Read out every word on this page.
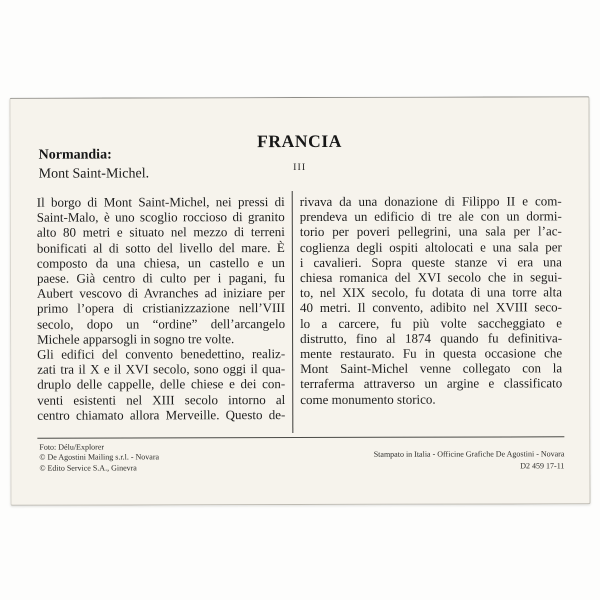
FRANCIA
III
Normandia:
Mont Saint-Michel.
Il borgo di Mont Saint-Michel, nei pressi di
Saint-Malo, è uno scoglio roccioso di granito
alto 80 metri e situato nel mezzo di terreni
bonificati al di sotto del livello del mare. È
composto da una chiesa, un castello e un
paese. Già centro di culto per i pagani, fu
Aubert vescovo di Avranches ad iniziare per
primo l’opera di cristianizzazione nell’VIII
secolo, dopo un “ordine” dell’arcangelo
Michele apparsogli in sogno tre volte.
Gli edifici del convento benedettino, realiz-
zati tra il X e il XVI secolo, sono oggi il qua-
druplo delle cappelle, delle chiese e dei con-
venti esistenti nel XIII secolo intorno al
centro chiamato allora Merveille. Questo de-
rivava da una donazione di Filippo II e com-
prendeva un edificio di tre ale con un dormi-
torio per poveri pellegrini, una sala per l’ac-
coglienza degli ospiti altolocati e una sala per
i cavalieri. Sopra queste stanze vi era una
chiesa romanica del XVI secolo che in segui-
to, nel XIX secolo, fu dotata di una torre alta
40 metri. Il convento, adibito nel XVIII seco-
lo a carcere, fu più volte saccheggiato e
distrutto, fino al 1874 quando fu definitiva-
mente restaurato. Fu in questa occasione che
Mont Saint-Michel venne collegato con la
terraferma attraverso un argine e classificato
come monumento storico.
Foto: Délu/Explorer
© De Agostini Mailing s.r.l. - Novara
© Edito Service S.A., Ginevra
Stampato in Italia - Officine Grafiche De Agostini - Novara
D2 459 17-11
